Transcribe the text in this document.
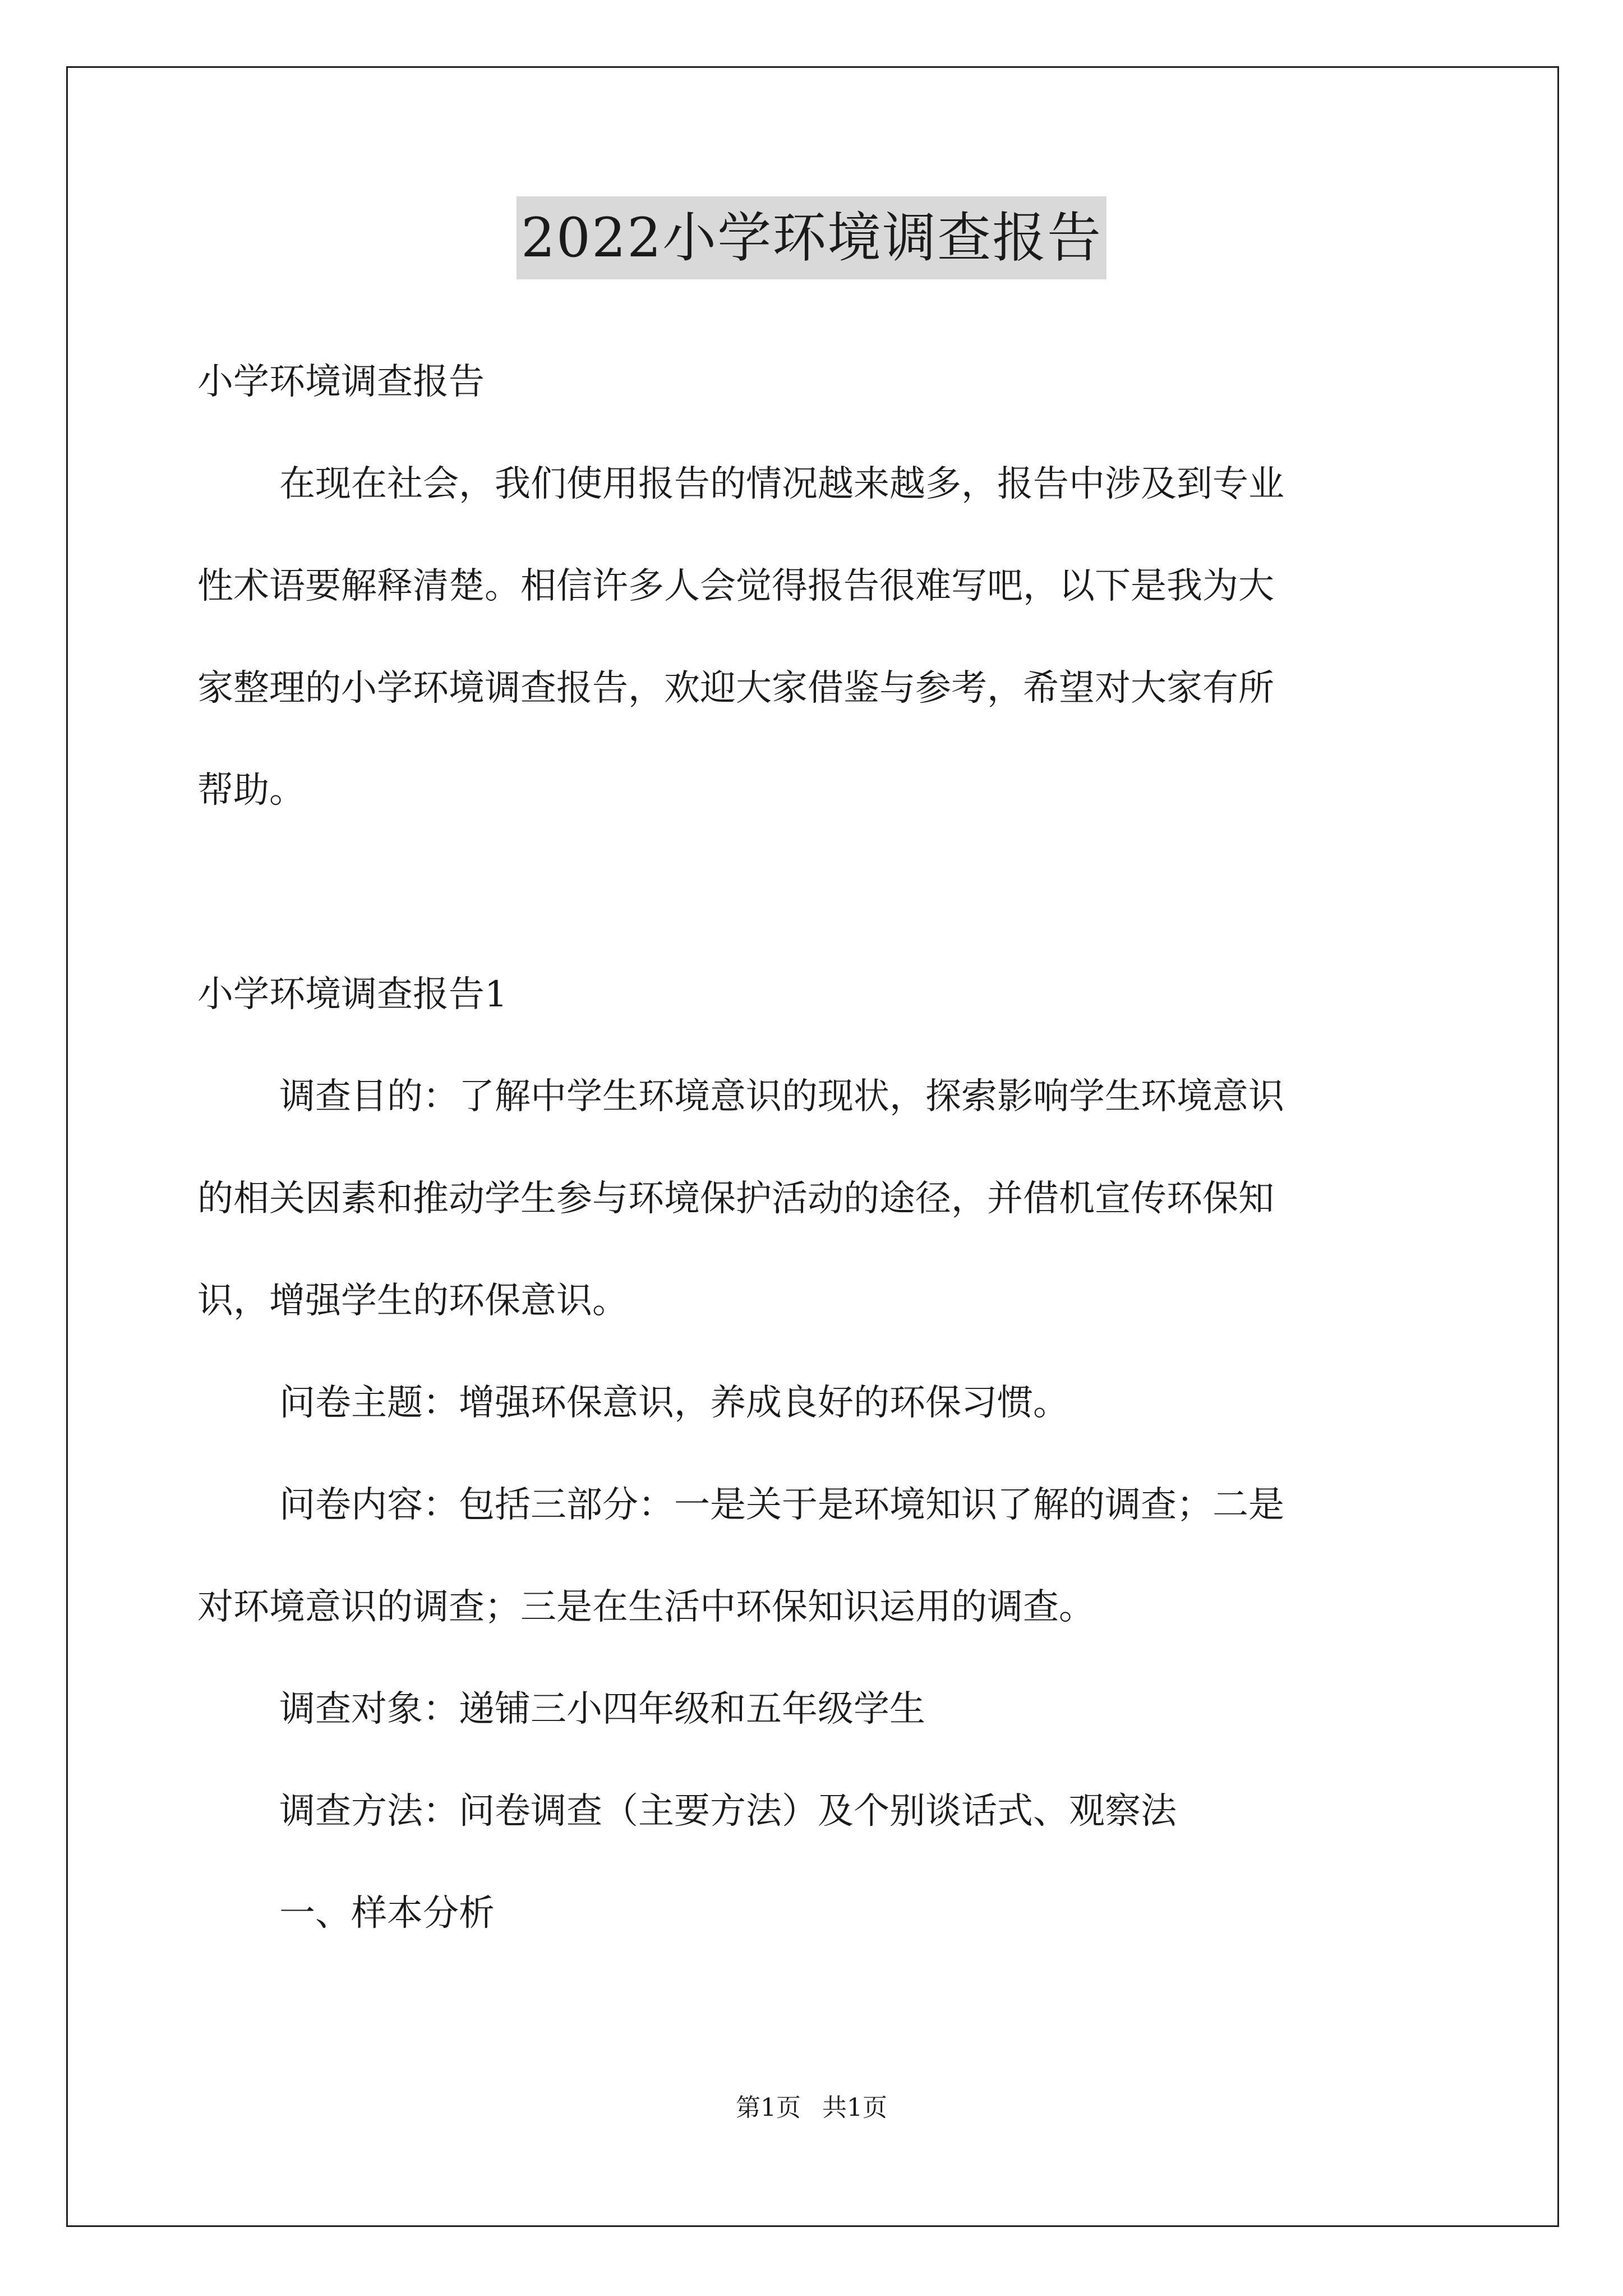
2022小学环境调查报告

小学环境调查报告

在现在社会，我们使用报告的情况越来越多，报告中涉及到专业

性术语要解释清楚。相信许多人会觉得报告很难写吧，以下是我为大

家整理的小学环境调查报告，欢迎大家借鉴与参考，希望对大家有所

帮助。

小学环境调查报告1

调查目的：了解中学生环境意识的现状，探索影响学生环境意识

的相关因素和推动学生参与环境保护活动的途径，并借机宣传环保知

识，增强学生的环保意识。

问卷主题：增强环保意识，养成良好的环保习惯。

问卷内容：包括三部分：一是关于是环境知识了解的调查；二是

对环境意识的调查；三是在生活中环保知识运用的调查。

调查对象：递铺三小四年级和五年级学生

调查方法：问卷调查（主要方法）及个别谈话式、观察法

一、样本分析

第1页 共1页
